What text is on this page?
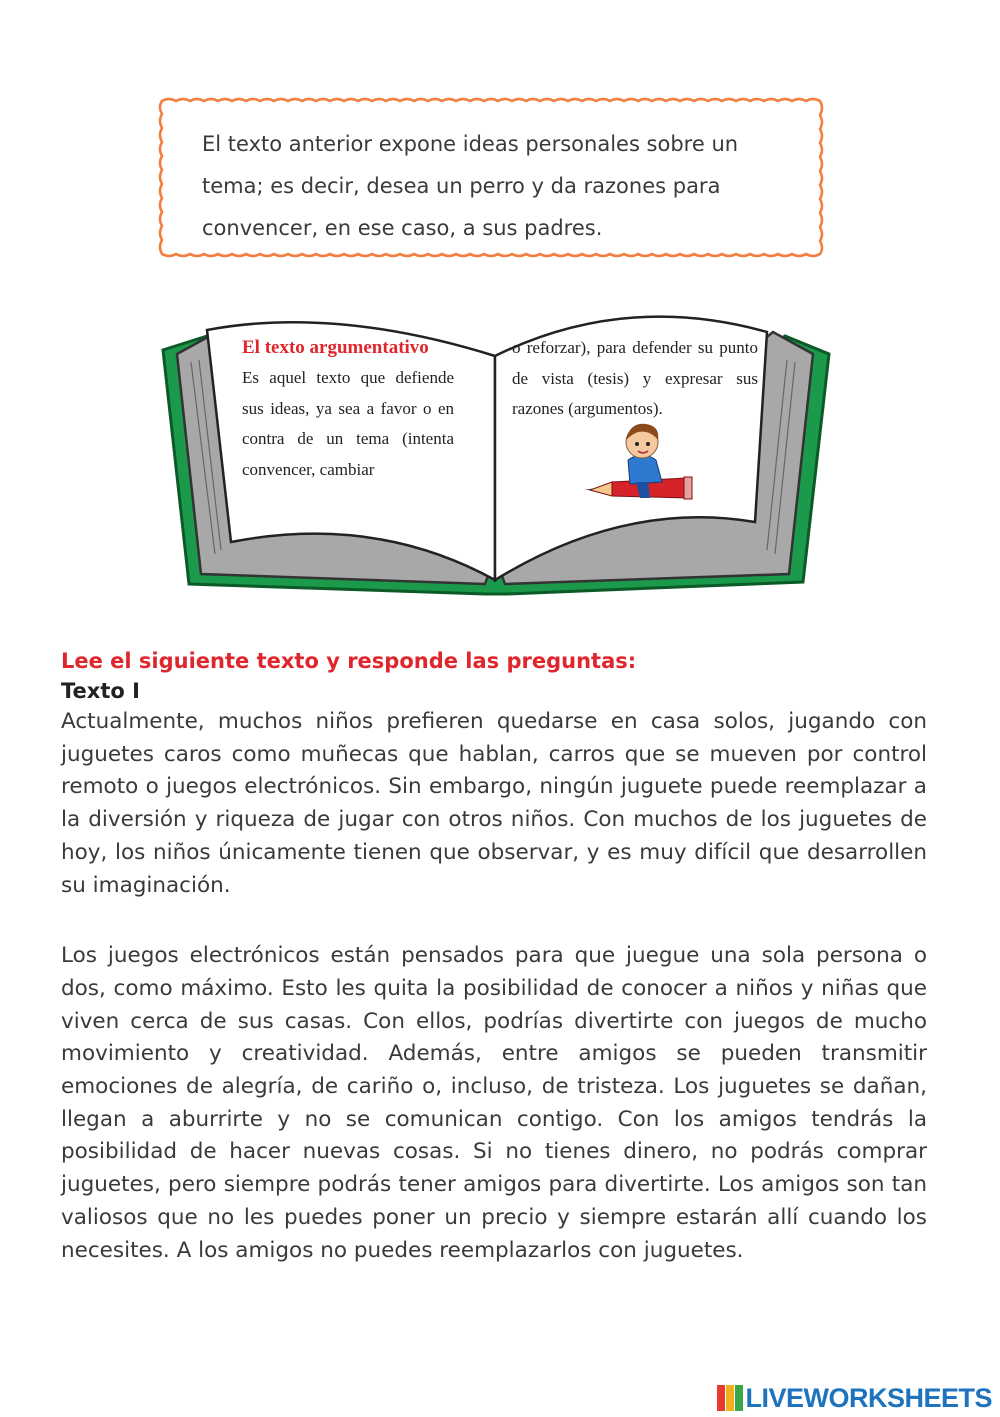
El texto anterior expone ideas personales sobre un tema; es decir, desea un perro y da razones para convencer, en ese caso, a sus padres.

El texto argumentativo
Es aquel texto que defiende sus ideas, ya sea a favor o en contra de un tema (intenta convencer, cambiar

o reforzar), para defender su punto de vista (tesis) y expresar sus razones (argumentos).

Lee el siguiente texto y responde las preguntas:

Texto I

Actualmente, muchos niños prefieren quedarse en casa solos, jugando con juguetes caros como muñecas que hablan, carros que se mueven por control remoto o juegos electrónicos. Sin embargo, ningún juguete puede reemplazar a la diversión y riqueza de jugar con otros niños. Con muchos de los juguetes de hoy, los niños únicamente tienen que observar, y es muy difícil que desarrollen su imaginación.

Los juegos electrónicos están pensados para que juegue una sola persona o dos, como máximo. Esto les quita la posibilidad de conocer a niños y niñas que viven cerca de sus casas. Con ellos, podrías divertirte con juegos de mucho movimiento y creatividad. Además, entre amigos se pueden transmitir emociones de alegría, de cariño o, incluso, de tristeza. Los juguetes se dañan, llegan a aburrirte y no se comunican contigo. Con los amigos tendrás la posibilidad de hacer nuevas cosas. Si no tienes dinero, no podrás comprar juguetes, pero siempre podrás tener amigos para divertirte. Los amigos son tan valiosos que no les puedes poner un precio y siempre estarán allí cuando los necesites. A los amigos no puedes reemplazarlos con juguetes.

LIVEWORKSHEETS
